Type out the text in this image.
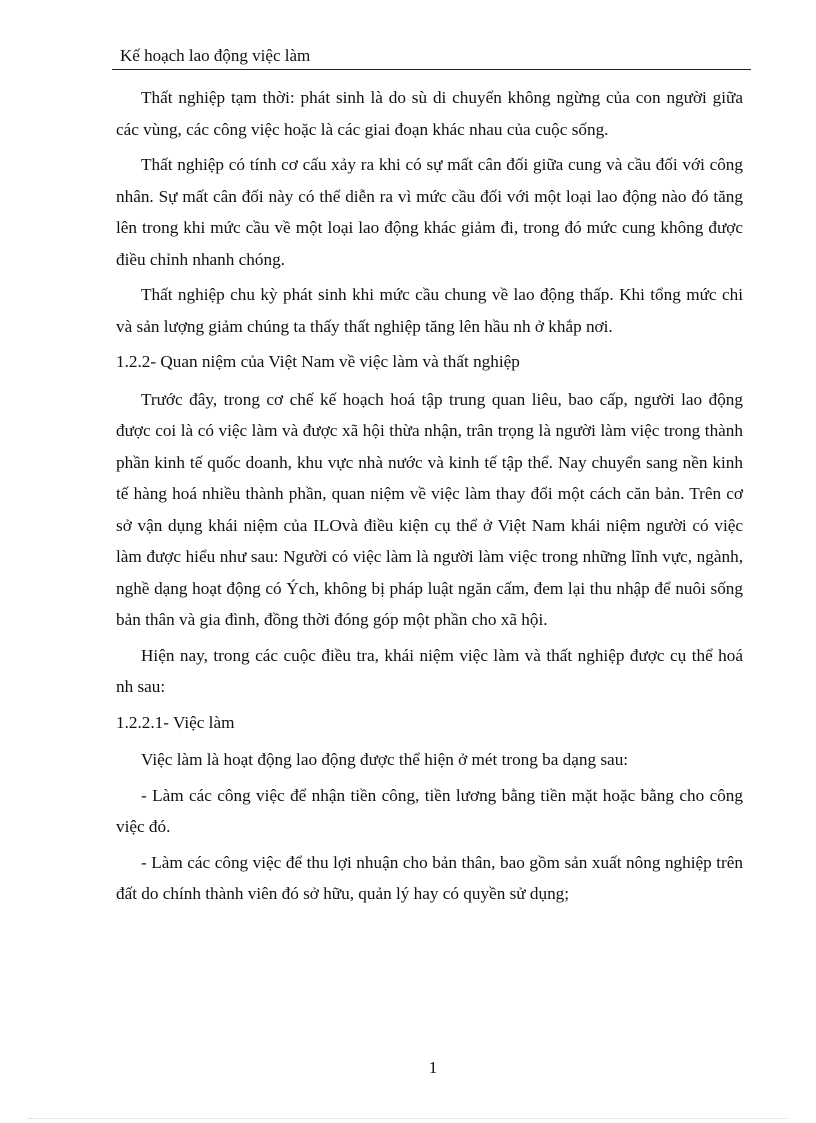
Kế hoạch lao động việc làm

Thất nghiệp tạm thời: phát sinh là do sù di chuyển không ngừng của con người giữa các vùng, các công việc hoặc là các giai đoạn khác nhau của cuộc sống.

Thất nghiệp có tính cơ cấu xảy ra khi có sự mất cân đối giữa cung và cầu đối với công nhân. Sự mất cân đối này có thể diễn ra vì mức cầu đối với một loại lao động nào đó tăng lên trong khi mức cầu về một loại lao động khác giảm đi, trong đó mức cung không được điều chỉnh nhanh chóng.

Thất nghiệp chu kỳ phát sinh khi mức cầu chung về lao động thấp. Khi tổng mức chi và sản lượng giảm chúng ta thấy thất nghiệp tăng lên hầu nh ở khắp nơi.

1.2.2- Quan niệm của Việt Nam về việc làm và thất nghiệp

Trước đây, trong cơ chế kế hoạch hoá tập trung quan liêu, bao cấp, người lao động được coi là có việc làm và được xã hội thừa nhận, trân trọng là người làm việc trong thành phần kinh tế quốc doanh, khu vực nhà nước và kinh tế tập thể. Nay chuyển sang nền kinh tế hàng hoá nhiều thành phần, quan niệm về việc làm thay đổi một cách căn bản. Trên cơ sở vận dụng khái niệm của ILOvà điều kiện cụ thể ở Việt Nam khái niệm người có việc làm được hiểu như sau: Người có việc làm là người làm việc trong những lĩnh vực, ngành, nghề dạng hoạt động có Ých, không bị pháp luật ngăn cấm, đem lại thu nhập để nuôi sống bản thân và gia đình, đồng thời đóng góp một phần cho xã hội.

Hiện nay, trong các cuộc điều tra, khái niệm việc làm và thất nghiệp được cụ thể hoá nh sau:

1.2.2.1- Việc làm

Việc làm là hoạt động lao động được thể hiện ở mét trong ba dạng sau:

- Làm các công việc để nhận tiền công, tiền lương bằng tiền mặt hoặc bằng cho công việc đó.

- Làm các công việc để thu lợi nhuận cho bản thân, bao gồm sản xuất nông nghiệp trên đất do chính thành viên đó sở hữu, quản lý hay có quyền sử dụng;

1
